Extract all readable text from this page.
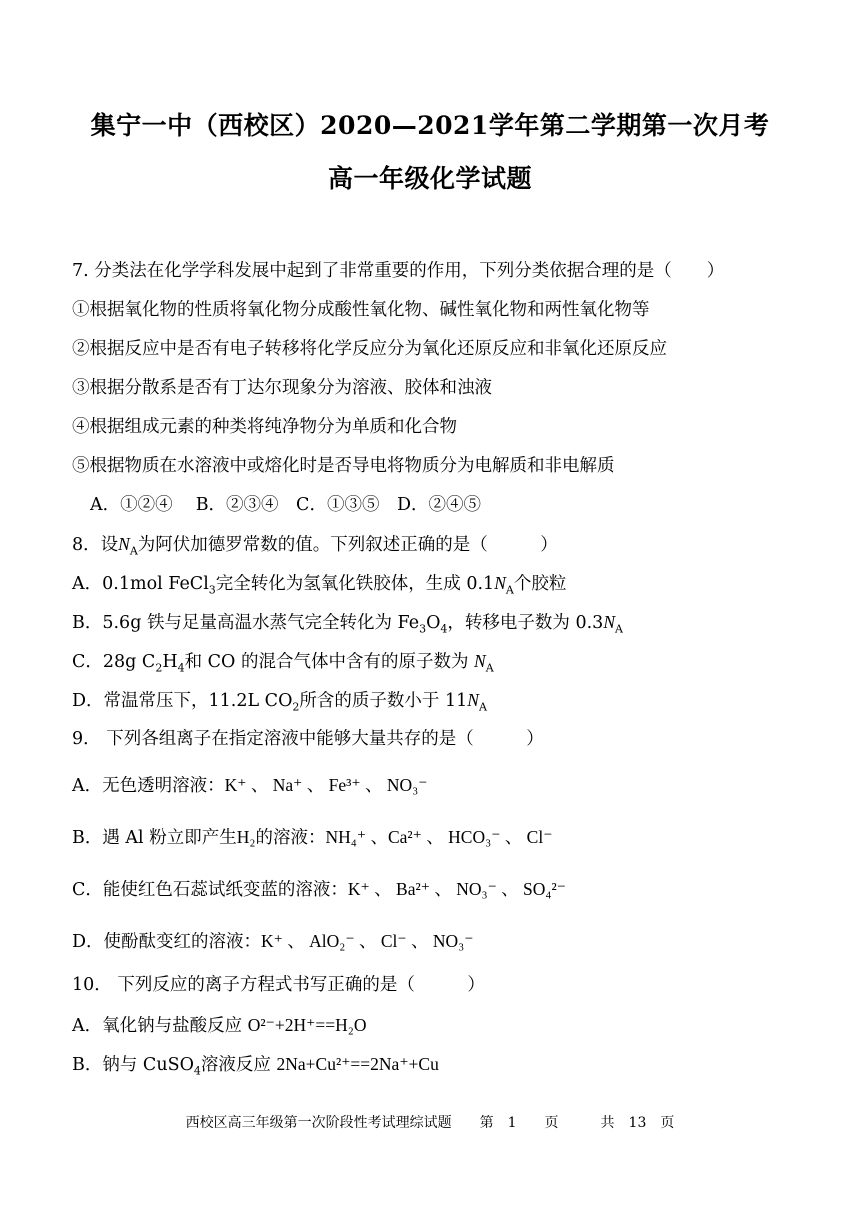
集宁一中（西校区）2020—2021学年第二学期第一次月考
高一年级化学试题
7. 分类法在化学学科发展中起到了非常重要的作用，下列分类依据合理的是（　　）
①根据氧化物的性质将氧化物分成酸性氧化物、碱性氧化物和两性氧化物等
②根据反应中是否有电子转移将化学反应分为氧化还原反应和非氧化还原反应
③根据分散系是否有丁达尔现象分为溶液、胶体和浊液
④根据组成元素的种类将纯净物分为单质和化合物
⑤根据物质在水溶液中或熔化时是否导电将物质分为电解质和非电解质
A．①②④　 B．②③④　C．①③⑤　D．②④⑤
8．设$N_A$为阿伏加德罗常数的值。下列叙述正确的是（　　　）
A．0.1mol FeCl$_3$完全转化为氢氧化铁胶体，生成 $0.1N_A$个胶粒
B．5.6g 铁与足量高温水蒸气完全转化为 $Fe_3O_4$，转移电子数为 $0.3N_A$
C．28g $C_2H_4$和 CO 的混合气体中含有的原子数为 $N_A$
D．常温常压下，11.2L $CO_2$所含的质子数小于 $11N_A$
9． 下列各组离子在指定溶液中能够大量共存的是（　　　）
A．无色透明溶液：K⁺ 、 Na⁺ 、 Fe³⁺ 、 NO₃⁻
B．遇 Al 粉立即产生H₂的溶液：NH₄⁺ 、Ca²⁺ 、 HCO₃⁻ 、 Cl⁻
C．能使红色石蕊试纸变蓝的溶液：K⁺ 、 Ba²⁺ 、 NO₃⁻ 、 SO₄²⁻
D．使酚酞变红的溶液：K⁺ 、 AlO₂⁻ 、 Cl⁻ 、 NO₃⁻
10． 下列反应的离子方程式书写正确的是（　　　）
A．氧化钠与盐酸反应 O²⁻+2H⁺==H₂O
B．钠与 CuSO$_4$溶液反应 2Na+Cu²⁺==2Na⁺+Cu
西校区高三年级第一次阶段性考试理综试题　　第　1　　页　　　共　13　页
